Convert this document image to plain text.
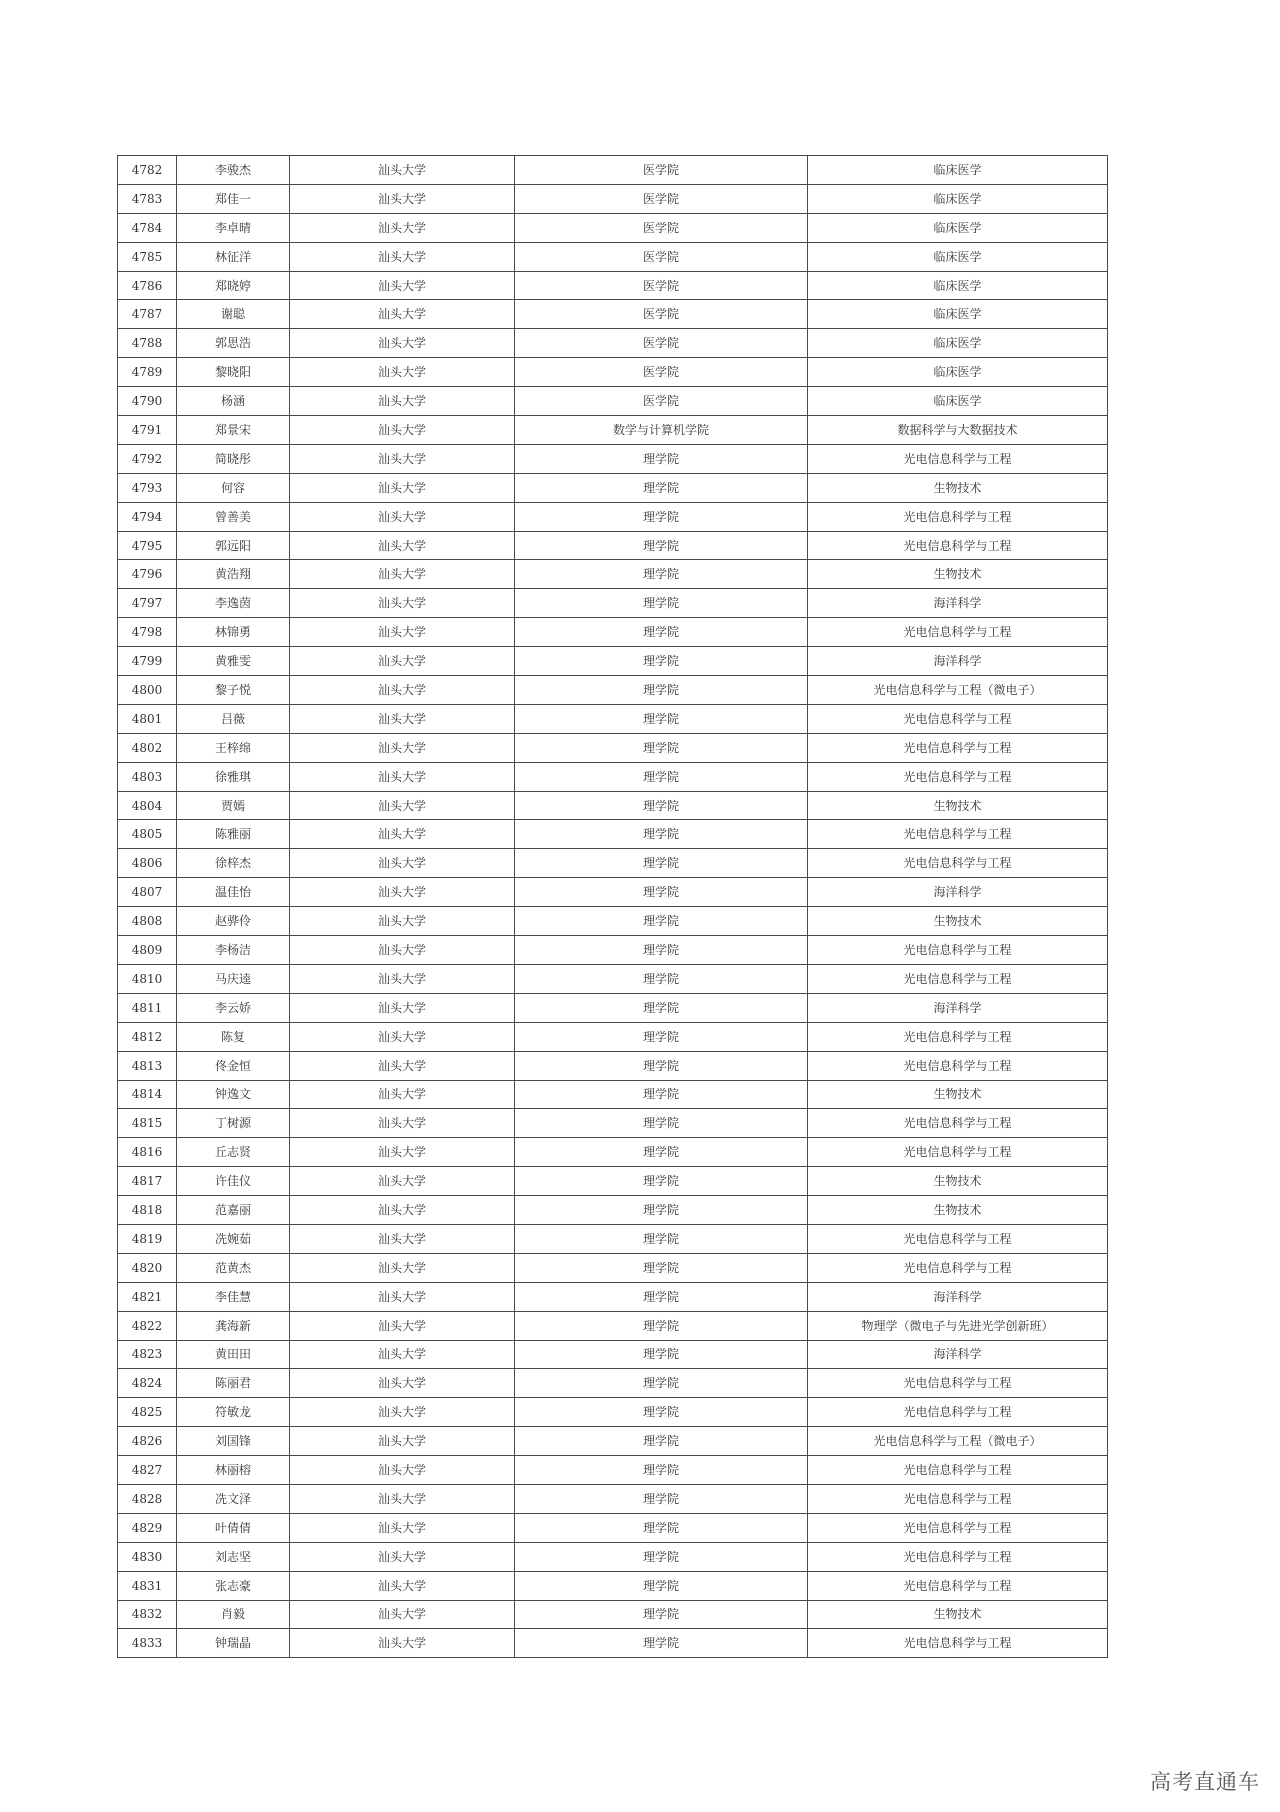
4782	李骏杰	汕头大学	医学院	临床医学
4783	郑佳一	汕头大学	医学院	临床医学
4784	李卓晴	汕头大学	医学院	临床医学
4785	林征洋	汕头大学	医学院	临床医学
4786	郑晓婷	汕头大学	医学院	临床医学
4787	谢聪	汕头大学	医学院	临床医学
4788	郭思浩	汕头大学	医学院	临床医学
4789	黎晓阳	汕头大学	医学院	临床医学
4790	杨涵	汕头大学	医学院	临床医学
4791	郑景宋	汕头大学	数学与计算机学院	数据科学与大数据技术
4792	简晓彤	汕头大学	理学院	光电信息科学与工程
4793	何容	汕头大学	理学院	生物技术
4794	曾善美	汕头大学	理学院	光电信息科学与工程
4795	郭远阳	汕头大学	理学院	光电信息科学与工程
4796	黄浩翔	汕头大学	理学院	生物技术
4797	李逸茵	汕头大学	理学院	海洋科学
4798	林锦勇	汕头大学	理学院	光电信息科学与工程
4799	黄雅雯	汕头大学	理学院	海洋科学
4800	黎子悦	汕头大学	理学院	光电信息科学与工程（微电子）
4801	吕薇	汕头大学	理学院	光电信息科学与工程
4802	王梓绵	汕头大学	理学院	光电信息科学与工程
4803	徐雅琪	汕头大学	理学院	光电信息科学与工程
4804	贾嫣	汕头大学	理学院	生物技术
4805	陈雅丽	汕头大学	理学院	光电信息科学与工程
4806	徐梓杰	汕头大学	理学院	光电信息科学与工程
4807	温佳怡	汕头大学	理学院	海洋科学
4808	赵骅伶	汕头大学	理学院	生物技术
4809	李杨洁	汕头大学	理学院	光电信息科学与工程
4810	马庆逵	汕头大学	理学院	光电信息科学与工程
4811	李云娇	汕头大学	理学院	海洋科学
4812	陈复	汕头大学	理学院	光电信息科学与工程
4813	佟金恒	汕头大学	理学院	光电信息科学与工程
4814	钟逸文	汕头大学	理学院	生物技术
4815	丁树源	汕头大学	理学院	光电信息科学与工程
4816	丘志贤	汕头大学	理学院	光电信息科学与工程
4817	许佳仪	汕头大学	理学院	生物技术
4818	范嘉丽	汕头大学	理学院	生物技术
4819	冼婉茹	汕头大学	理学院	光电信息科学与工程
4820	范黄杰	汕头大学	理学院	光电信息科学与工程
4821	李佳慧	汕头大学	理学院	海洋科学
4822	龚海新	汕头大学	理学院	物理学（微电子与先进光学创新班）
4823	黄田田	汕头大学	理学院	海洋科学
4824	陈丽君	汕头大学	理学院	光电信息科学与工程
4825	符敏龙	汕头大学	理学院	光电信息科学与工程
4826	刘国锋	汕头大学	理学院	光电信息科学与工程（微电子）
4827	林丽榕	汕头大学	理学院	光电信息科学与工程
4828	冼文泽	汕头大学	理学院	光电信息科学与工程
4829	叶倩倩	汕头大学	理学院	光电信息科学与工程
4830	刘志坚	汕头大学	理学院	光电信息科学与工程
4831	张志豪	汕头大学	理学院	光电信息科学与工程
4832	肖毅	汕头大学	理学院	生物技术
4833	钟瑞晶	汕头大学	理学院	光电信息科学与工程
高考直通车
